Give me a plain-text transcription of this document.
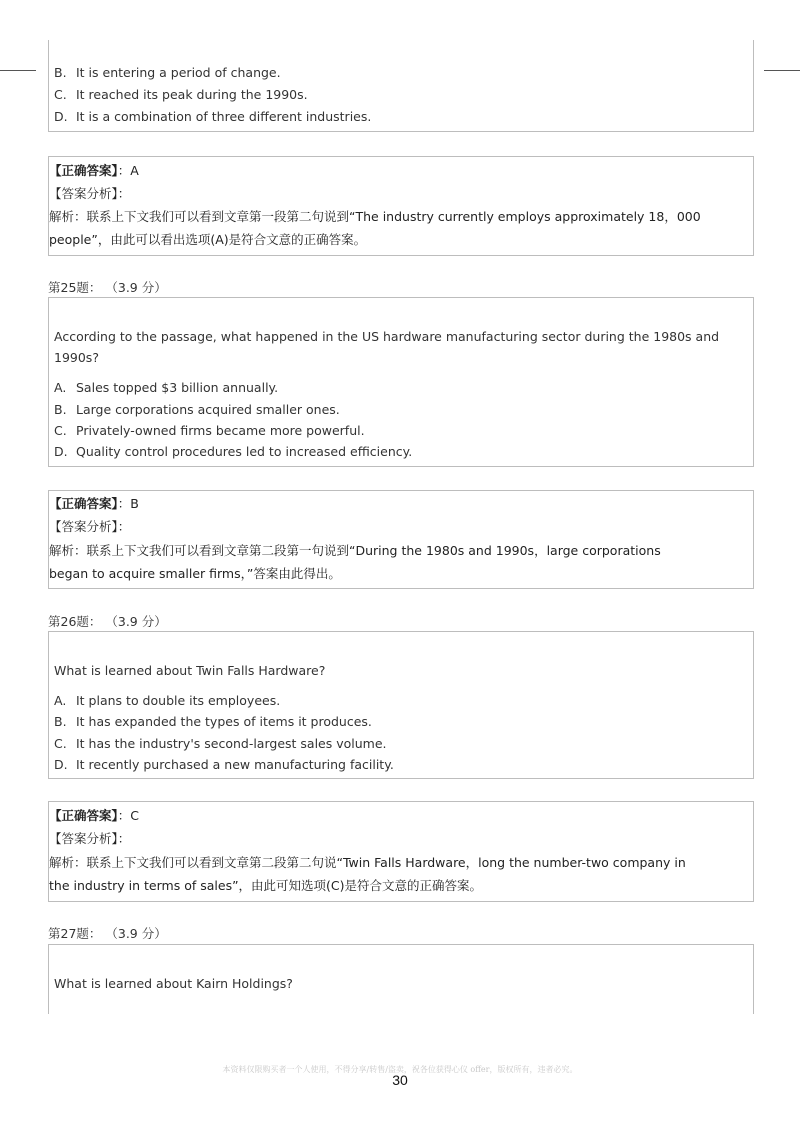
B. It is entering a period of change.
C. It reached its peak during the 1990s.
D. It is a combination of three different industries.
【正确答案】：A
【答案分析】：
解析：联系上下文我们可以看到文章第一段第二句说到“The industry currently employs approximately 18，000
people”，由此可以看出选项(A)是符合文意的正确答案。
第25题： （3.9 分）
According to the passage, what happened in the US hardware manufacturing sector during the 1980s and
1990s?
A. Sales topped $3 billion annually.
B. Large corporations acquired smaller ones.
C. Privately-owned firms became more powerful.
D. Quality control procedures led to increased efficiency.
【正确答案】：B
【答案分析】：
解析：联系上下文我们可以看到文章第二段第一句说到“During the 1980s and 1990s，large corporations
began to acquire smaller firms，”答案由此得出。
第26题： （3.9 分）
What is learned about Twin Falls Hardware?
A. It plans to double its employees.
B. It has expanded the types of items it produces.
C. It has the industry's second-largest sales volume.
D. It recently purchased a new manufacturing facility.
【正确答案】：C
【答案分析】：
解析：联系上下文我们可以看到文章第二段第二句说“Twin Falls Hardware，long the number-two company in
the industry in terms of sales”，由此可知选项(C)是符合文意的正确答案。
第27题： （3.9 分）
What is learned about Kairn Holdings?
本资料仅限购买者一个人使用，不得分享/转售/盗卖，祝各位获得心仪 offer，版权所有，违者必究。
30
